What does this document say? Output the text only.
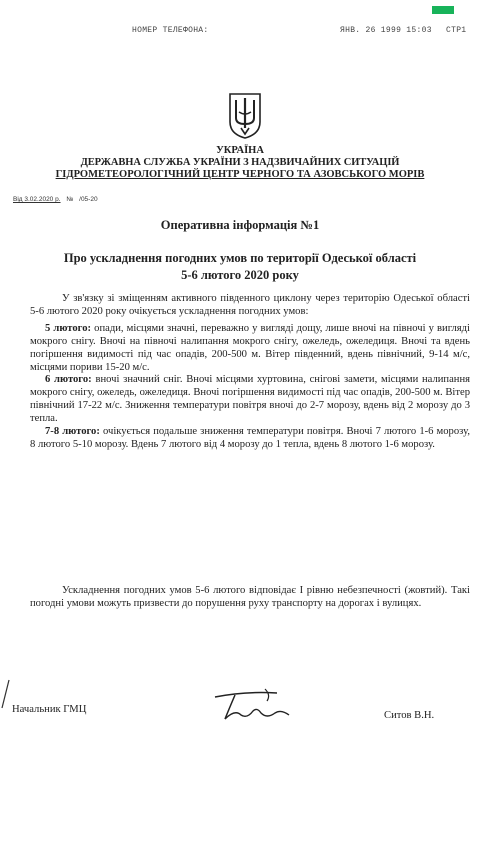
НОМЕР ТЕЛЕФОНА:	ЯНВ. 26 1999 15:03 СТР1
УКРАЇНА
ДЕРЖАВНА СЛУЖБА УКРАЇНИ З НАДЗВИЧАЙНИХ СИТУАЦІЙ
ГІДРОМЕТЕОРОЛОГІЧНИЙ ЦЕНТР ЧЕРНОГО ТА АЗОВСЬКОГО МОРІВ
Від 3.02.2020 р. № /05-20
Оперативна інформація №1
Про ускладнення погодних умов по території Одеської області
5-6 лютого 2020 року

У зв'язку зі зміщенням активного південного циклону через територію Одеської області 5-6 лютого 2020 року очікується ускладнення погодних умов:

5 лютого: опади, місцями значні, переважно у вигляді дощу, лише вночі на півночі у вигляді мокрого снігу. Вночі на півночі налипання мокрого снігу, ожеледь, ожеледиця. Вночі та вдень погіршення видимості під час опадів, 200-500 м. Вітер південний, вдень північний, 9-14 м/с, місцями пориви 15-20 м/с.

6 лютого: вночі значний сніг. Вночі місцями хуртовина, снігові замети, місцями налипання мокрого снігу, ожеледь, ожеледиця. Вночі погіршення видимості під час опадів, 200-500 м. Вітер північний 17-22 м/с. Зниження температури повітря вночі до 2-7 морозу, вдень від 2 морозу до 3 тепла.

7-8 лютого: очікується подальше зниження температури повітря. Вночі 7 лютого 1-6 морозу, 8 лютого 5-10 морозу. Вдень 7 лютого від 4 морозу до 1 тепла, вдень 8 лютого 1-6 морозу.

Ускладнення погодних умов 5-6 лютого відповідає І рівню небезпечності (жовтий). Такі погодні умови можуть призвести до порушення руху транспорту на дорогах і вулицях.

Начальник ГМЦ
Ситов В.Н.
